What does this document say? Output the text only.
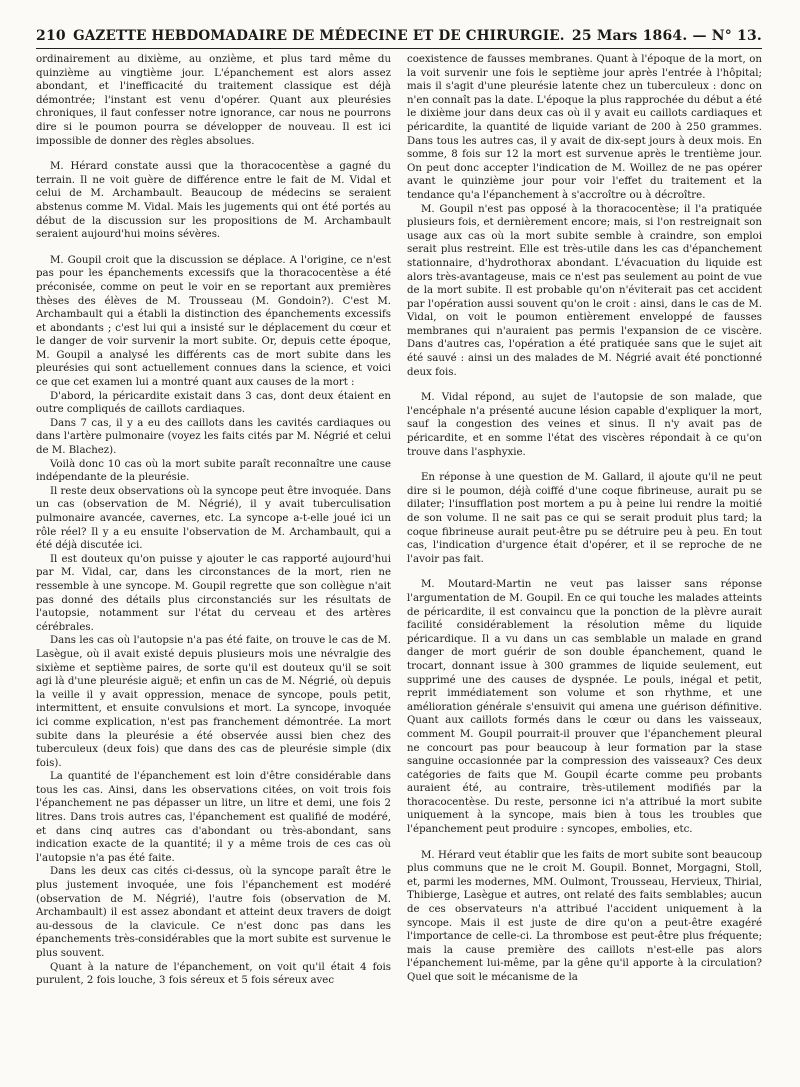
210 GAZETTE HEBDOMADAIRE DE MÉDECINE ET DE CHIRURGIE. 25 Mars 1864. — N° 13.

ordinairement au dixième, au onzième, et plus tard même du quinzième au vingtième jour. L'épanchement est alors assez abondant, et l'inefficacité du traitement classique est déjà démontrée; l'instant est venu d'opérer. Quant aux pleurésies chroniques, il faut confesser notre ignorance, car nous ne pourrons dire si le poumon pourra se développer de nouveau. Il est ici impossible de donner des règles absolues.

M. Hérard constate aussi que la thoracocentèse a gagné du terrain. Il ne voit guère de différence entre le fait de M. Vidal et celui de M. Archambault. Beaucoup de médecins se seraient abstenus comme M. Vidal. Mais les jugements qui ont été portés au début de la discussion sur les propositions de M. Archambault seraient aujourd'hui moins sévères.

M. Goupil croit que la discussion se déplace. A l'origine, ce n'est pas pour les épanchements excessifs que la thoracocentèse a été préconisée, comme on peut le voir en se reportant aux premières thèses des élèves de M. Trousseau (M. Gondoin?). C'est M. Archambault qui a établi la distinction des épanchements excessifs et abondants ; c'est lui qui a insisté sur le déplacement du cœur et le danger de voir survenir la mort subite. Or, depuis cette époque, M. Goupil a analysé les différents cas de mort subite dans les pleurésies qui sont actuellement connues dans la science, et voici ce que cet examen lui a montré quant aux causes de la mort :

D'abord, la péricardite existait dans 3 cas, dont deux étaient en outre compliqués de caillots cardiaques.

Dans 7 cas, il y a eu des caillots dans les cavités cardiaques ou dans l'artère pulmonaire (voyez les faits cités par M. Négrié et celui de M. Blachez).

Voilà donc 10 cas où la mort subite paraît reconnaître une cause indépendante de la pleurésie.

Il reste deux observations où la syncope peut être invoquée. Dans un cas (observation de M. Négrié), il y avait tuberculisation pulmonaire avancée, cavernes, etc. La syncope a-t-elle joué ici un rôle réel? Il y a eu ensuite l'observation de M. Archambault, qui a été déjà discutée ici.

Il est douteux qu'on puisse y ajouter le cas rapporté aujourd'hui par M. Vidal, car, dans les circonstances de la mort, rien ne ressemble à une syncope. M. Goupil regrette que son collègue n'ait pas donné des détails plus circonstanciés sur les résultats de l'autopsie, notamment sur l'état du cerveau et des artères cérébrales.

Dans les cas où l'autopsie n'a pas été faite, on trouve le cas de M. Lasègue, où il avait existé depuis plusieurs mois une névralgie des sixième et septième paires, de sorte qu'il est douteux qu'il se soit agi là d'une pleurésie aiguë; et enfin un cas de M. Négrié, où depuis la veille il y avait oppression, menace de syncope, pouls petit, intermittent, et ensuite convulsions et mort. La syncope, invoquée ici comme explication, n'est pas franchement démontrée. La mort subite dans la pleurésie a été observée aussi bien chez des tuberculeux (deux fois) que dans des cas de pleurésie simple (dix fois).

La quantité de l'épanchement est loin d'être considérable dans tous les cas. Ainsi, dans les observations citées, on voit trois fois l'épanchement ne pas dépasser un litre, un litre et demi, une fois 2 litres. Dans trois autres cas, l'épanchement est qualifié de modéré, et dans cinq autres cas d'abondant ou très-abondant, sans indication exacte de la quantité; il y a même trois de ces cas où l'autopsie n'a pas été faite.

Dans les deux cas cités ci-dessus, où la syncope paraît être le plus justement invoquée, une fois l'épanchement est modéré (observation de M. Négrié), l'autre fois (observation de M. Archambault) il est assez abondant et atteint deux travers de doigt au-dessous de la clavicule. Ce n'est donc pas dans les épanchements très-considérables que la mort subite est survenue le plus souvent.

Quant à la nature de l'épanchement, on voit qu'il était 4 fois purulent, 2 fois louche, 3 fois séreux et 5 fois séreux avec

coexistence de fausses membranes. Quant à l'époque de la mort, on la voit survenir une fois le septième jour après l'entrée à l'hôpital; mais il s'agit d'une pleurésie latente chez un tuberculeux : donc on n'en connaît pas la date. L'époque la plus rapprochée du début a été le dixième jour dans deux cas où il y avait eu caillots cardiaques et péricardite, la quantité de liquide variant de 200 à 250 grammes. Dans tous les autres cas, il y avait de dix-sept jours à deux mois. En somme, 8 fois sur 12 la mort est survenue après le trentième jour. On peut donc accepter l'indication de M. Woillez de ne pas opérer avant le quinzième jour pour voir l'effet du traitement et la tendance qu'a l'épanchement à s'accroître ou à décroître.

M. Goupil n'est pas opposé à la thoracocentèse; il l'a pratiquée plusieurs fois, et dernièrement encore; mais, si l'on restreignait son usage aux cas où la mort subite semble à craindre, son emploi serait plus restreint. Elle est très-utile dans les cas d'épanchement stationnaire, d'hydrothorax abondant. L'évacuation du liquide est alors très-avantageuse, mais ce n'est pas seulement au point de vue de la mort subite. Il est probable qu'on n'éviterait pas cet accident par l'opération aussi souvent qu'on le croit : ainsi, dans le cas de M. Vidal, on voit le poumon entièrement enveloppé de fausses membranes qui n'auraient pas permis l'expansion de ce viscère. Dans d'autres cas, l'opération a été pratiquée sans que le sujet ait été sauvé : ainsi un des malades de M. Négrié avait été ponctionné deux fois.

M. Vidal répond, au sujet de l'autopsie de son malade, que l'encéphale n'a présenté aucune lésion capable d'expliquer la mort, sauf la congestion des veines et sinus. Il n'y avait pas de péricardite, et en somme l'état des viscères répondait à ce qu'on trouve dans l'asphyxie.

En réponse à une question de M. Gallard, il ajoute qu'il ne peut dire si le poumon, déjà coiffé d'une coque fibrineuse, aurait pu se dilater; l'insufflation post mortem a pu à peine lui rendre la moitié de son volume. Il ne sait pas ce qui se serait produit plus tard; la coque fibrineuse aurait peut-être pu se détruire peu à peu. En tout cas, l'indication d'urgence était d'opérer, et il se reproche de ne l'avoir pas fait.

M. Moutard-Martin ne veut pas laisser sans réponse l'argumentation de M. Goupil. En ce qui touche les malades atteints de péricardite, il est convaincu que la ponction de la plèvre aurait facilité considérablement la résolution même du liquide péricardique. Il a vu dans un cas semblable un malade en grand danger de mort guérir de son double épanchement, quand le trocart, donnant issue à 300 grammes de liquide seulement, eut supprimé une des causes de dyspnée. Le pouls, inégal et petit, reprit immédiatement son volume et son rhythme, et une amélioration générale s'ensuivit qui amena une guérison définitive. Quant aux caillots formés dans le cœur ou dans les vaisseaux, comment M. Goupil pourrait-il prouver que l'épanchement pleural ne concourt pas pour beaucoup à leur formation par la stase sanguine occasionnée par la compression des vaisseaux? Ces deux catégories de faits que M. Goupil écarte comme peu probants auraient été, au contraire, très-utilement modifiés par la thoracocentèse. Du reste, personne ici n'a attribué la mort subite uniquement à la syncope, mais bien à tous les troubles que l'épanchement peut produire : syncopes, embolies, etc.

M. Hérard veut établir que les faits de mort subite sont beaucoup plus communs que ne le croit M. Goupil. Bonnet, Morgagni, Stoll, et, parmi les modernes, MM. Oulmont, Trousseau, Hervieux, Thirial, Thibierge, Lasègue et autres, ont relaté des faits semblables; aucun de ces observateurs n'a attribué l'accident uniquement à la syncope. Mais il est juste de dire qu'on a peut-être exagéré l'importance de celle-ci. La thrombose est peut-être plus fréquente; mais la cause première des caillots n'est-elle pas alors l'épanchement lui-même, par la gêne qu'il apporte à la circulation? Quel que soit le mécanisme de la
